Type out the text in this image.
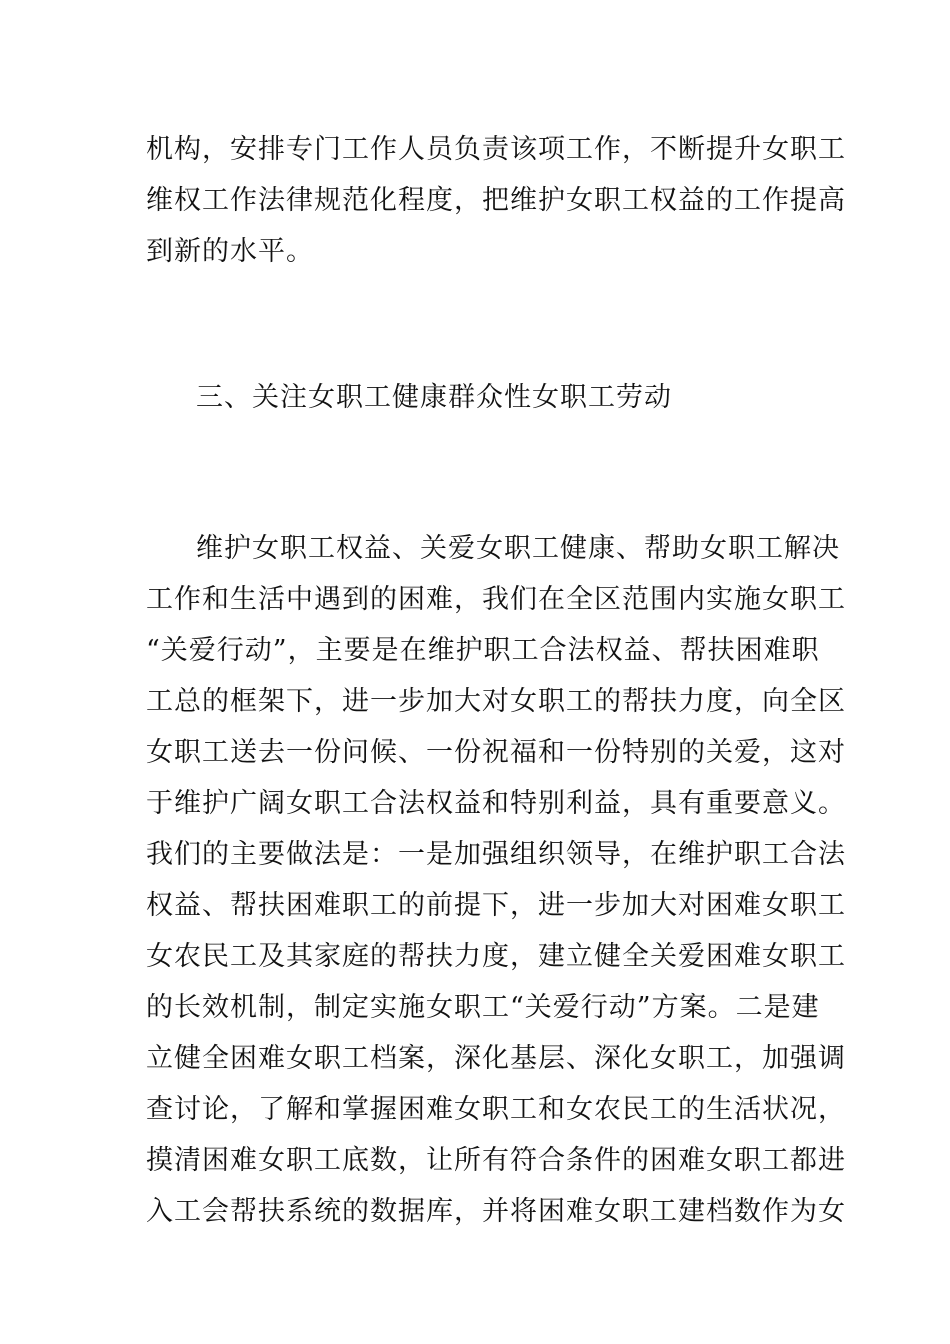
机构，安排专门工作人员负责该项工作，不断提升女职工
维权工作法律规范化程度，把维护女职工权益的工作提高
到新的水平。
三、关注女职工健康群众性女职工劳动
维护女职工权益、关爱女职工健康、帮助女职工解决
工作和生活中遇到的困难，我们在全区范围内实施女职工
“关爱行动”，主要是在维护职工合法权益、帮扶困难职
工总的框架下，进一步加大对女职工的帮扶力度，向全区
女职工送去一份问候、一份祝福和一份特别的关爱，这对
于维护广阔女职工合法权益和特别利益，具有重要意义。
我们的主要做法是：一是加强组织领导，在维护职工合法
权益、帮扶困难职工的前提下，进一步加大对困难女职工
女农民工及其家庭的帮扶力度，建立健全关爱困难女职工
的长效机制，制定实施女职工“关爱行动”方案。二是建
立健全困难女职工档案，深化基层、深化女职工，加强调
查讨论，了解和掌握困难女职工和女农民工的生活状况，
摸清困难女职工底数，让所有符合条件的困难女职工都进
入工会帮扶系统的数据库，并将困难女职工建档数作为女
